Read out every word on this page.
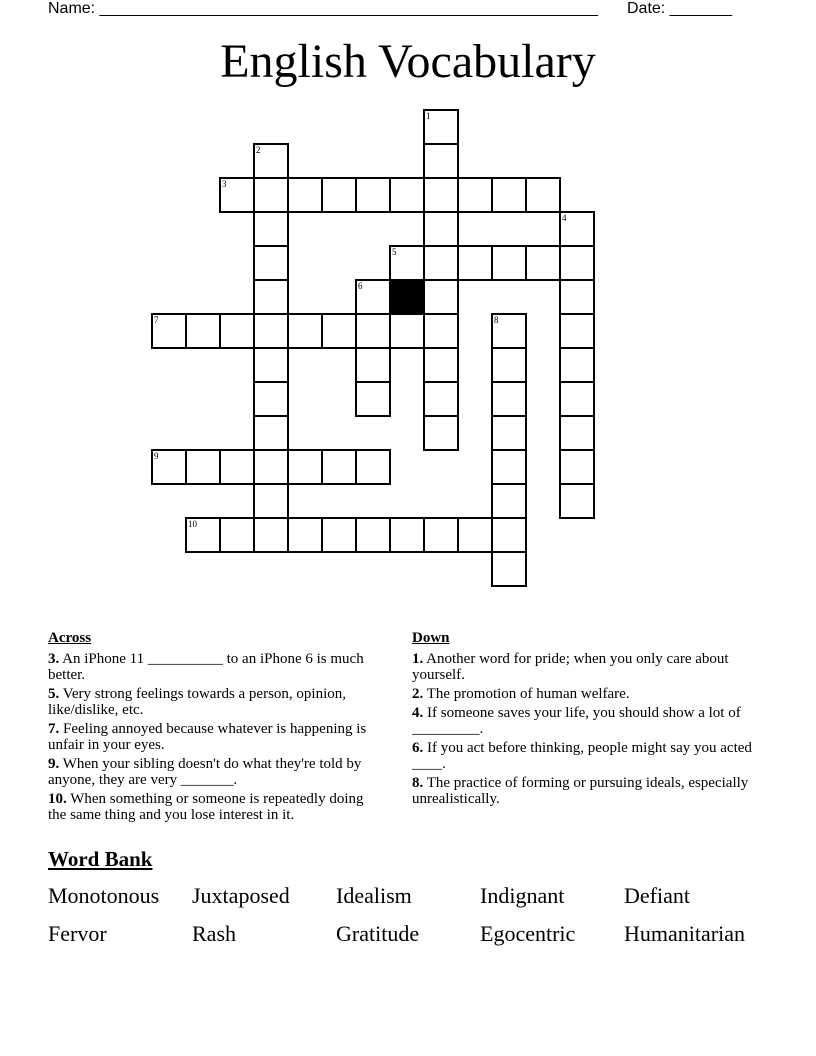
Name: ________________________________________________________ Date: _______
English Vocabulary
1
2
3
4
5
6
7	8
9
10
Across
3. An iPhone 11 __________ to an iPhone 6 is much better.
5. Very strong feelings towards a person, opinion, like/dislike, etc.
7. Feeling annoyed because whatever is happening is unfair in your eyes.
9. When your sibling doesn't do what they're told by anyone, they are very _______.
10. When something or someone is repeatedly doing the same thing and you lose interest in it.
Down
1. Another word for pride; when you only care about yourself.
2. The promotion of human welfare.
4. If someone saves your life, you should show a lot of _________.
6. If you act before thinking, people might say you acted ____.
8. The practice of forming or pursuing ideals, especially unrealistically.
Word Bank
Monotonous	Juxtaposed	Idealism	Indignant	Defiant
Fervor	Rash	Gratitude	Egocentric	Humanitarian
